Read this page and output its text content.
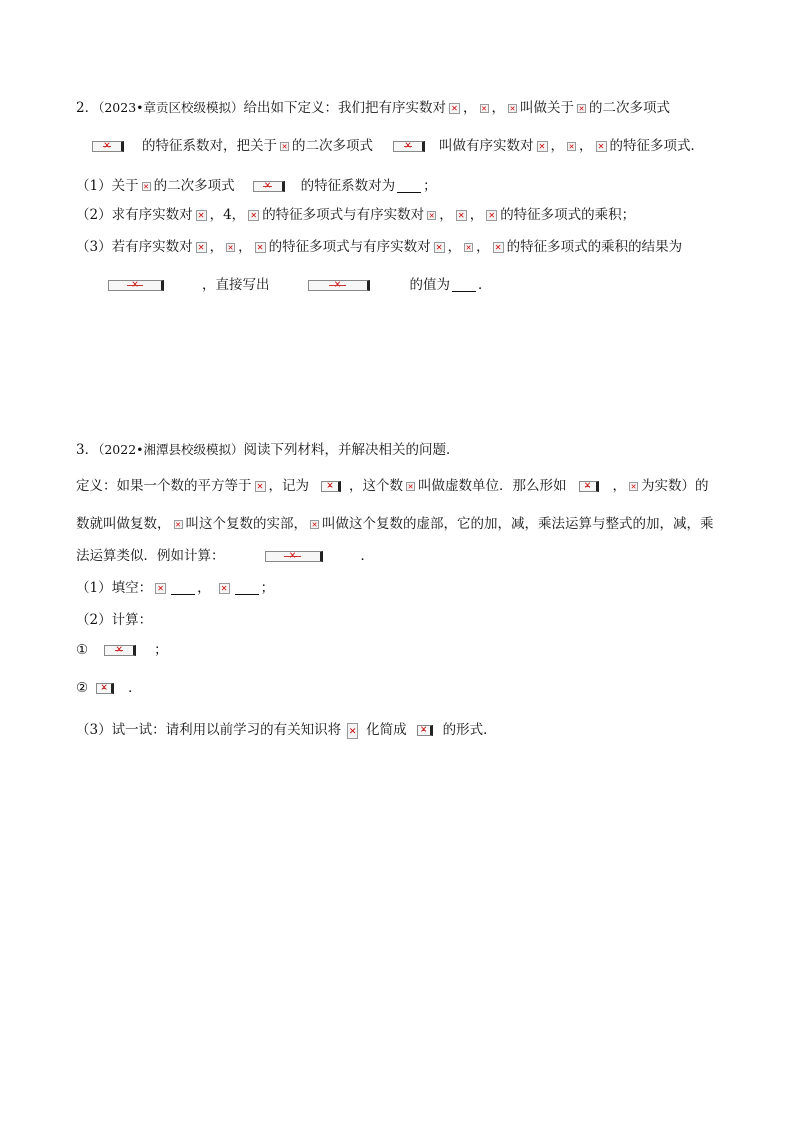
2．（2023•章贡区校级模拟）给出如下定义：我们把有序实数对 ✕ ， ✕ ， ✕ 叫做关于 ✕ 的二次多项式
×的特征系数对，把关于 ✕ 的二次多项式 ×	叫做有序实数对 ✕ ， ✕ ， ✕ 的特征多项式．
（1）关于 ✕ 的二次多项式 ×	的特征系数对为 ；
（2）求有序实数对 ✕ ，4， ✕ 的特征多项式与有序实数对 ✕ ， ✕ ， ✕ 的特征多项式的乘积；
（3）若有序实数对 ✕ ， ✕ ， ✕ 的特征多项式与有序实数对 ✕ ， ✕ ， ✕ 的特征多项式的乘积的结果为
×，直接写出 ×	的值为 ．
3．（2022•湘潭县校级模拟）阅读下列材料，并解决相关的问题．
定义：如果一个数的平方等于 ✕ ，记为 ×	，这个数 ✕ 叫做虚数单位．那么形如 ×	， ✕ 为实数）的
数就叫做复数， ✕ 叫这个复数的实部， ✕ 叫做这个复数的虚部，它的加，减，乘法运算与整式的加，减，乘
法运算类似．例如计算： ×	．
（1）填空： ✕	， ✕	；
（2）计算：
① ×	；
② ×	．
（3）试一试：请利用以前学习的有关知识将 ✕ 化简成 ×	的形式．
